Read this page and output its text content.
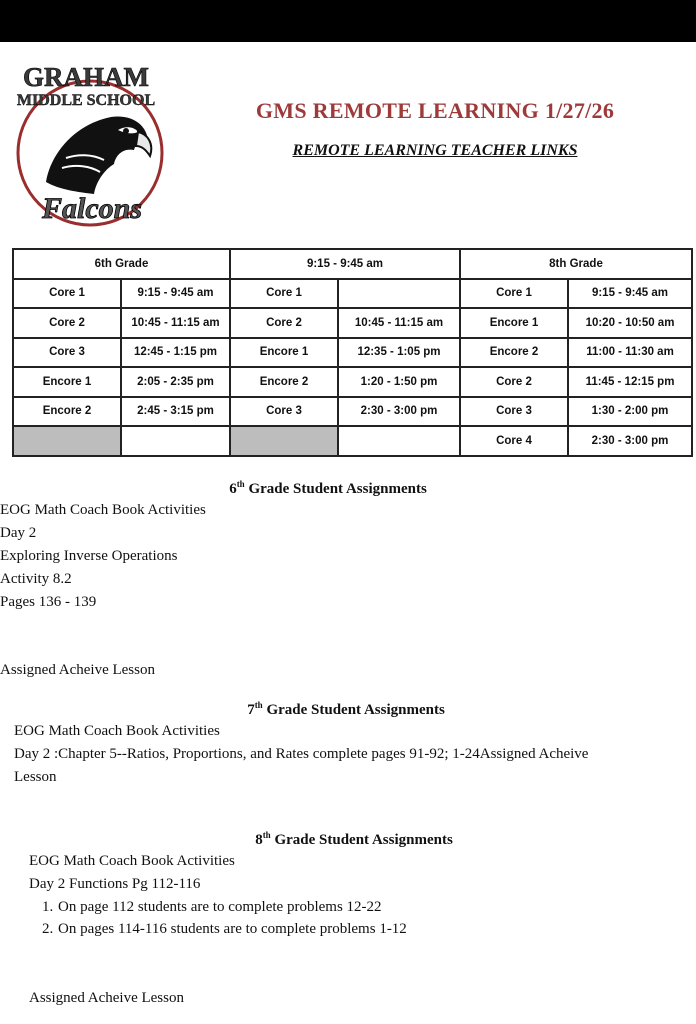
GRAHAM
MIDDLE SCHOOL
Falcons
GMS REMOTE LEARNING 1/27/26
REMOTE LEARNING TEACHER LINKS
6th Grade		9:15 - 9:45 am		8th Grade	
Core 1	9:15 - 9:45 am	Core 1		Core 1	9:15 - 9:45 am
Core 2	10:45 - 11:15 am	Core 2	10:45 - 11:15 am	Encore 1	10:20 - 10:50 am
Core 3	12:45 - 1:15 pm	Encore 1	12:35 - 1:05 pm	Encore 2	11:00 - 11:30 am
Encore 1	2:05 - 2:35 pm	Encore 2	1:20 - 1:50 pm	Core 2	11:45 - 12:15 pm
Encore 2	2:45 - 3:15 pm	Core 3	2:30 - 3:00 pm	Core 3	1:30 - 2:00 pm
				Core 4	2:30 - 3:00 pm
6th Grade Student Assignments
EOG Math Coach Book Activities
Day 2
Exploring Inverse Operations
Activity 8.2
Pages 136 - 139
Assigned Acheive Lesson
7th Grade Student Assignments
EOG Math Coach Book Activities
Day 2 :Chapter 5--Ratios, Proportions, and Rates complete pages 91-92; 1-24Assigned Acheive
Lesson
8th Grade Student Assignments
EOG Math Coach Book Activities
Day 2 Functions Pg 112-116
1. On page 112 students are to complete problems 12-22
2. On pages 114-116 students are to complete problems 1-12
Assigned Acheive Lesson
